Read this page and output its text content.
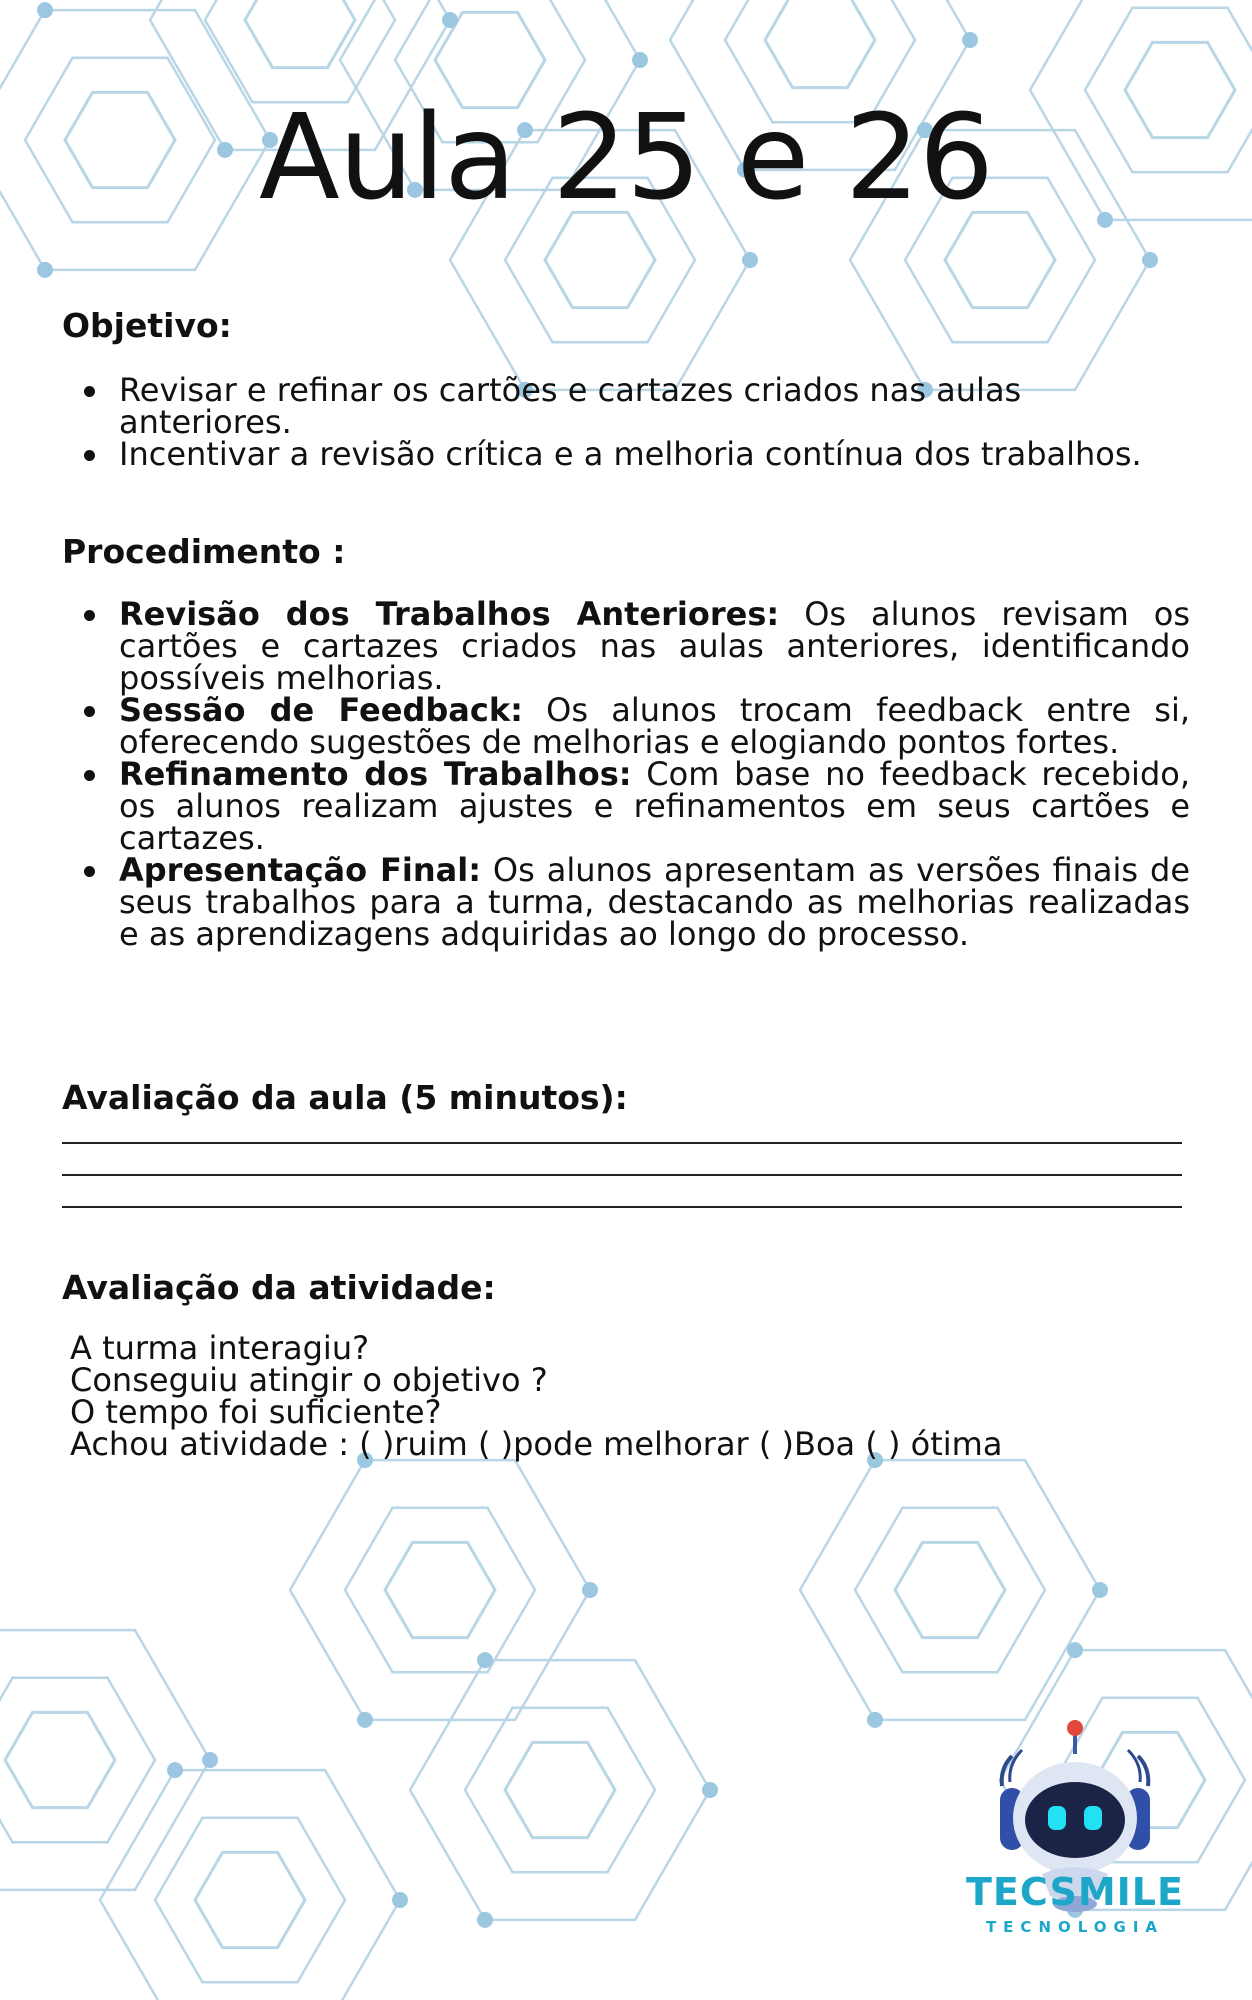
Aula 25 e 26
Objetivo:
Revisar e refinar os cartões e cartazes criados nas aulas anteriores.
Incentivar a revisão crítica e a melhoria contínua dos trabalhos.
Procedimento :
Revisão dos Trabalhos Anteriores: Os alunos revisam os cartões e cartazes criados nas aulas anteriores, identificando possíveis melhorias.
Sessão de Feedback: Os alunos trocam feedback entre si, oferecendo sugestões de melhorias e elogiando pontos fortes.
Refinamento dos Trabalhos: Com base no feedback recebido, os alunos realizam ajustes e refinamentos em seus cartões e cartazes.
Apresentação Final: Os alunos apresentam as versões finais de seus trabalhos para a turma, destacando as melhorias realizadas e as aprendizagens adquiridas ao longo do processo.
Avaliação da aula (5 minutos):
Avaliação da atividade:
A turma interagiu?
Conseguiu atingir o objetivo ?
O tempo foi suficiente?
Achou atividade : ( )ruim ( )pode melhorar ( )Boa ( ) ótima
TECSMILE
TECNOLOGIA
